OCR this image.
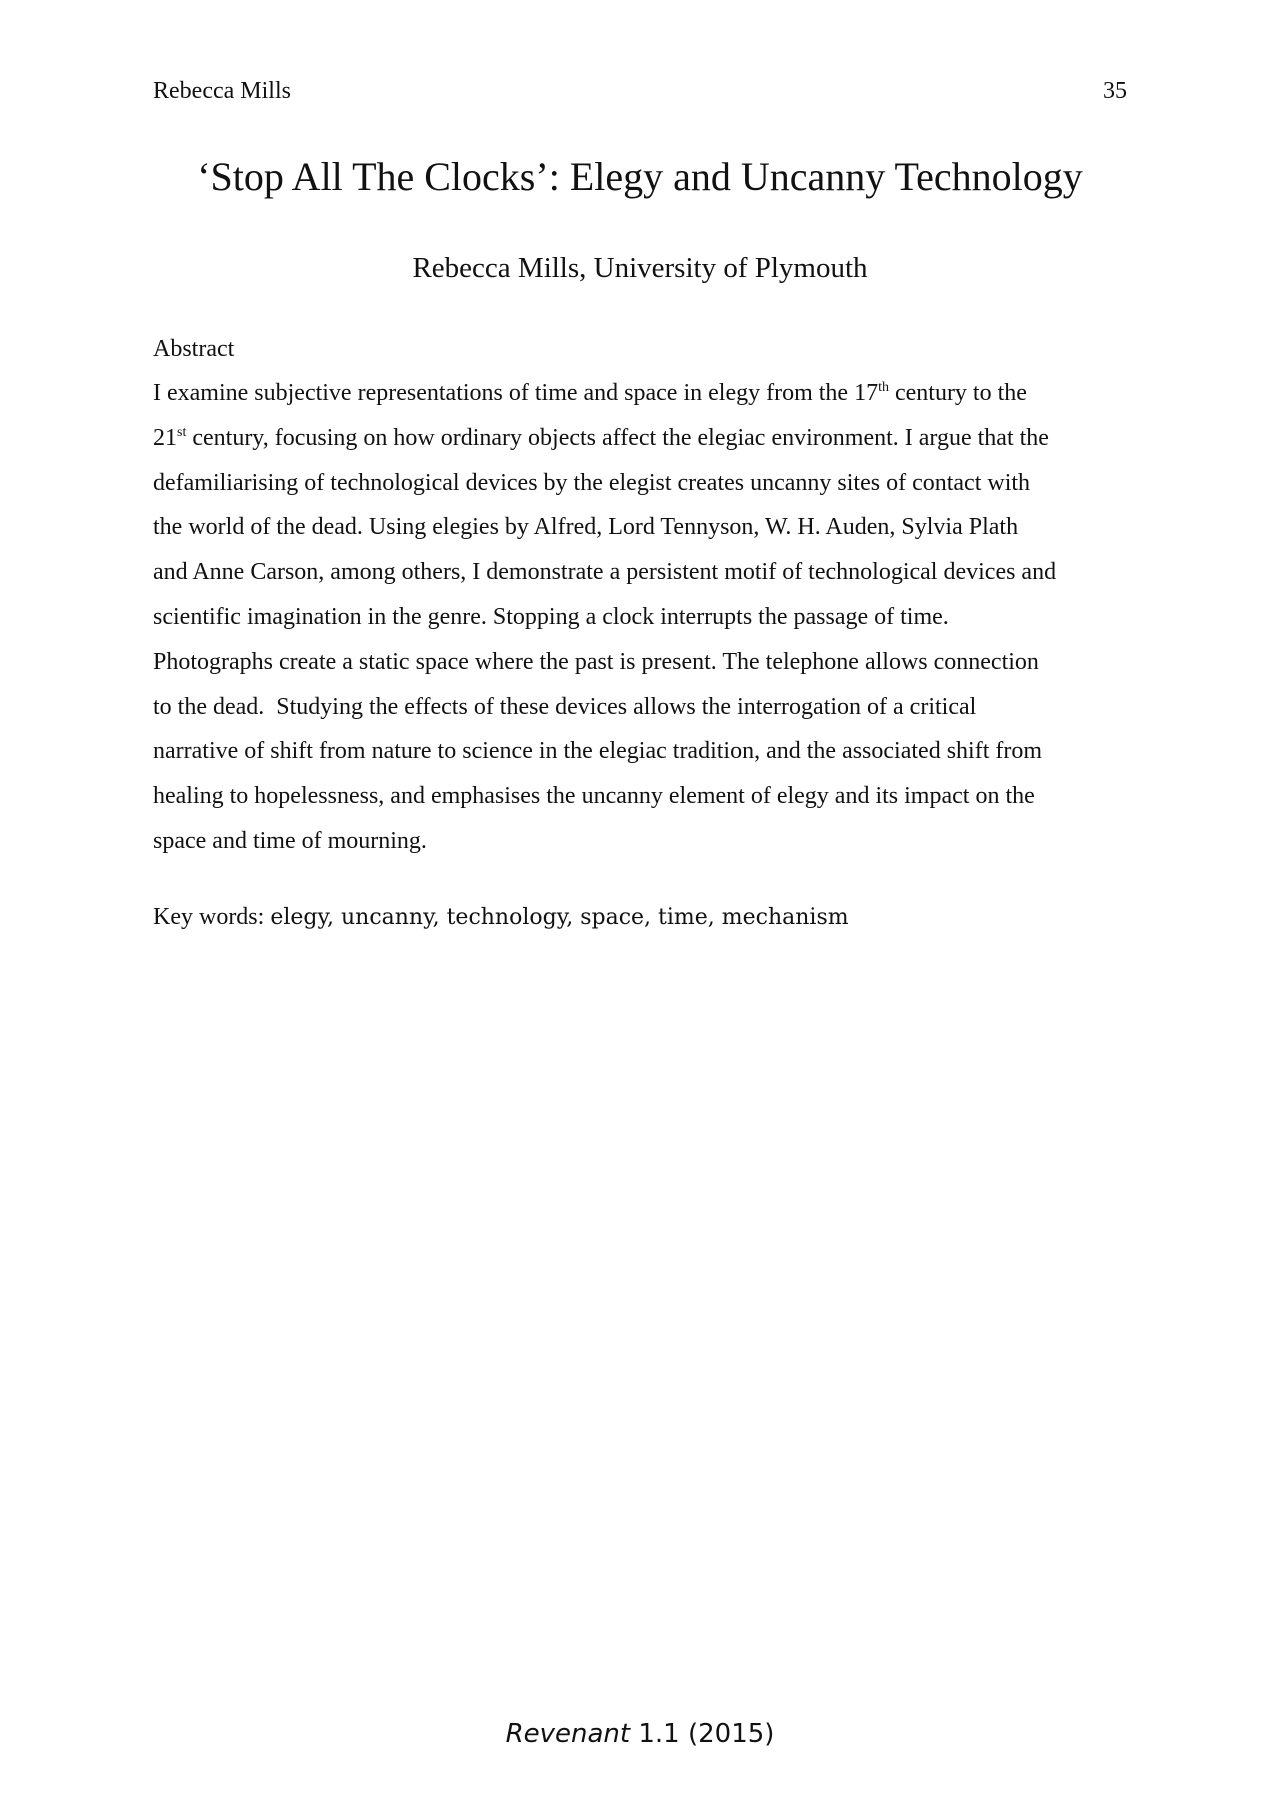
Rebecca Mills	35
‘Stop All The Clocks’: Elegy and Uncanny Technology
Rebecca Mills, University of Plymouth
Abstract
I examine subjective representations of time and space in elegy from the 17th century to the
21st century, focusing on how ordinary objects affect the elegiac environment. I argue that the
defamiliarising of technological devices by the elegist creates uncanny sites of contact with
the world of the dead. Using elegies by Alfred, Lord Tennyson, W. H. Auden, Sylvia Plath
and Anne Carson, among others, I demonstrate a persistent motif of technological devices and
scientific imagination in the genre. Stopping a clock interrupts the passage of time.
Photographs create a static space where the past is present. The telephone allows connection
to the dead.  Studying the effects of these devices allows the interrogation of a critical
narrative of shift from nature to science in the elegiac tradition, and the associated shift from
healing to hopelessness, and emphasises the uncanny element of elegy and its impact on the
space and time of mourning.
Key words: elegy, uncanny, technology, space, time, mechanism
Revenant 1.1 (2015)
